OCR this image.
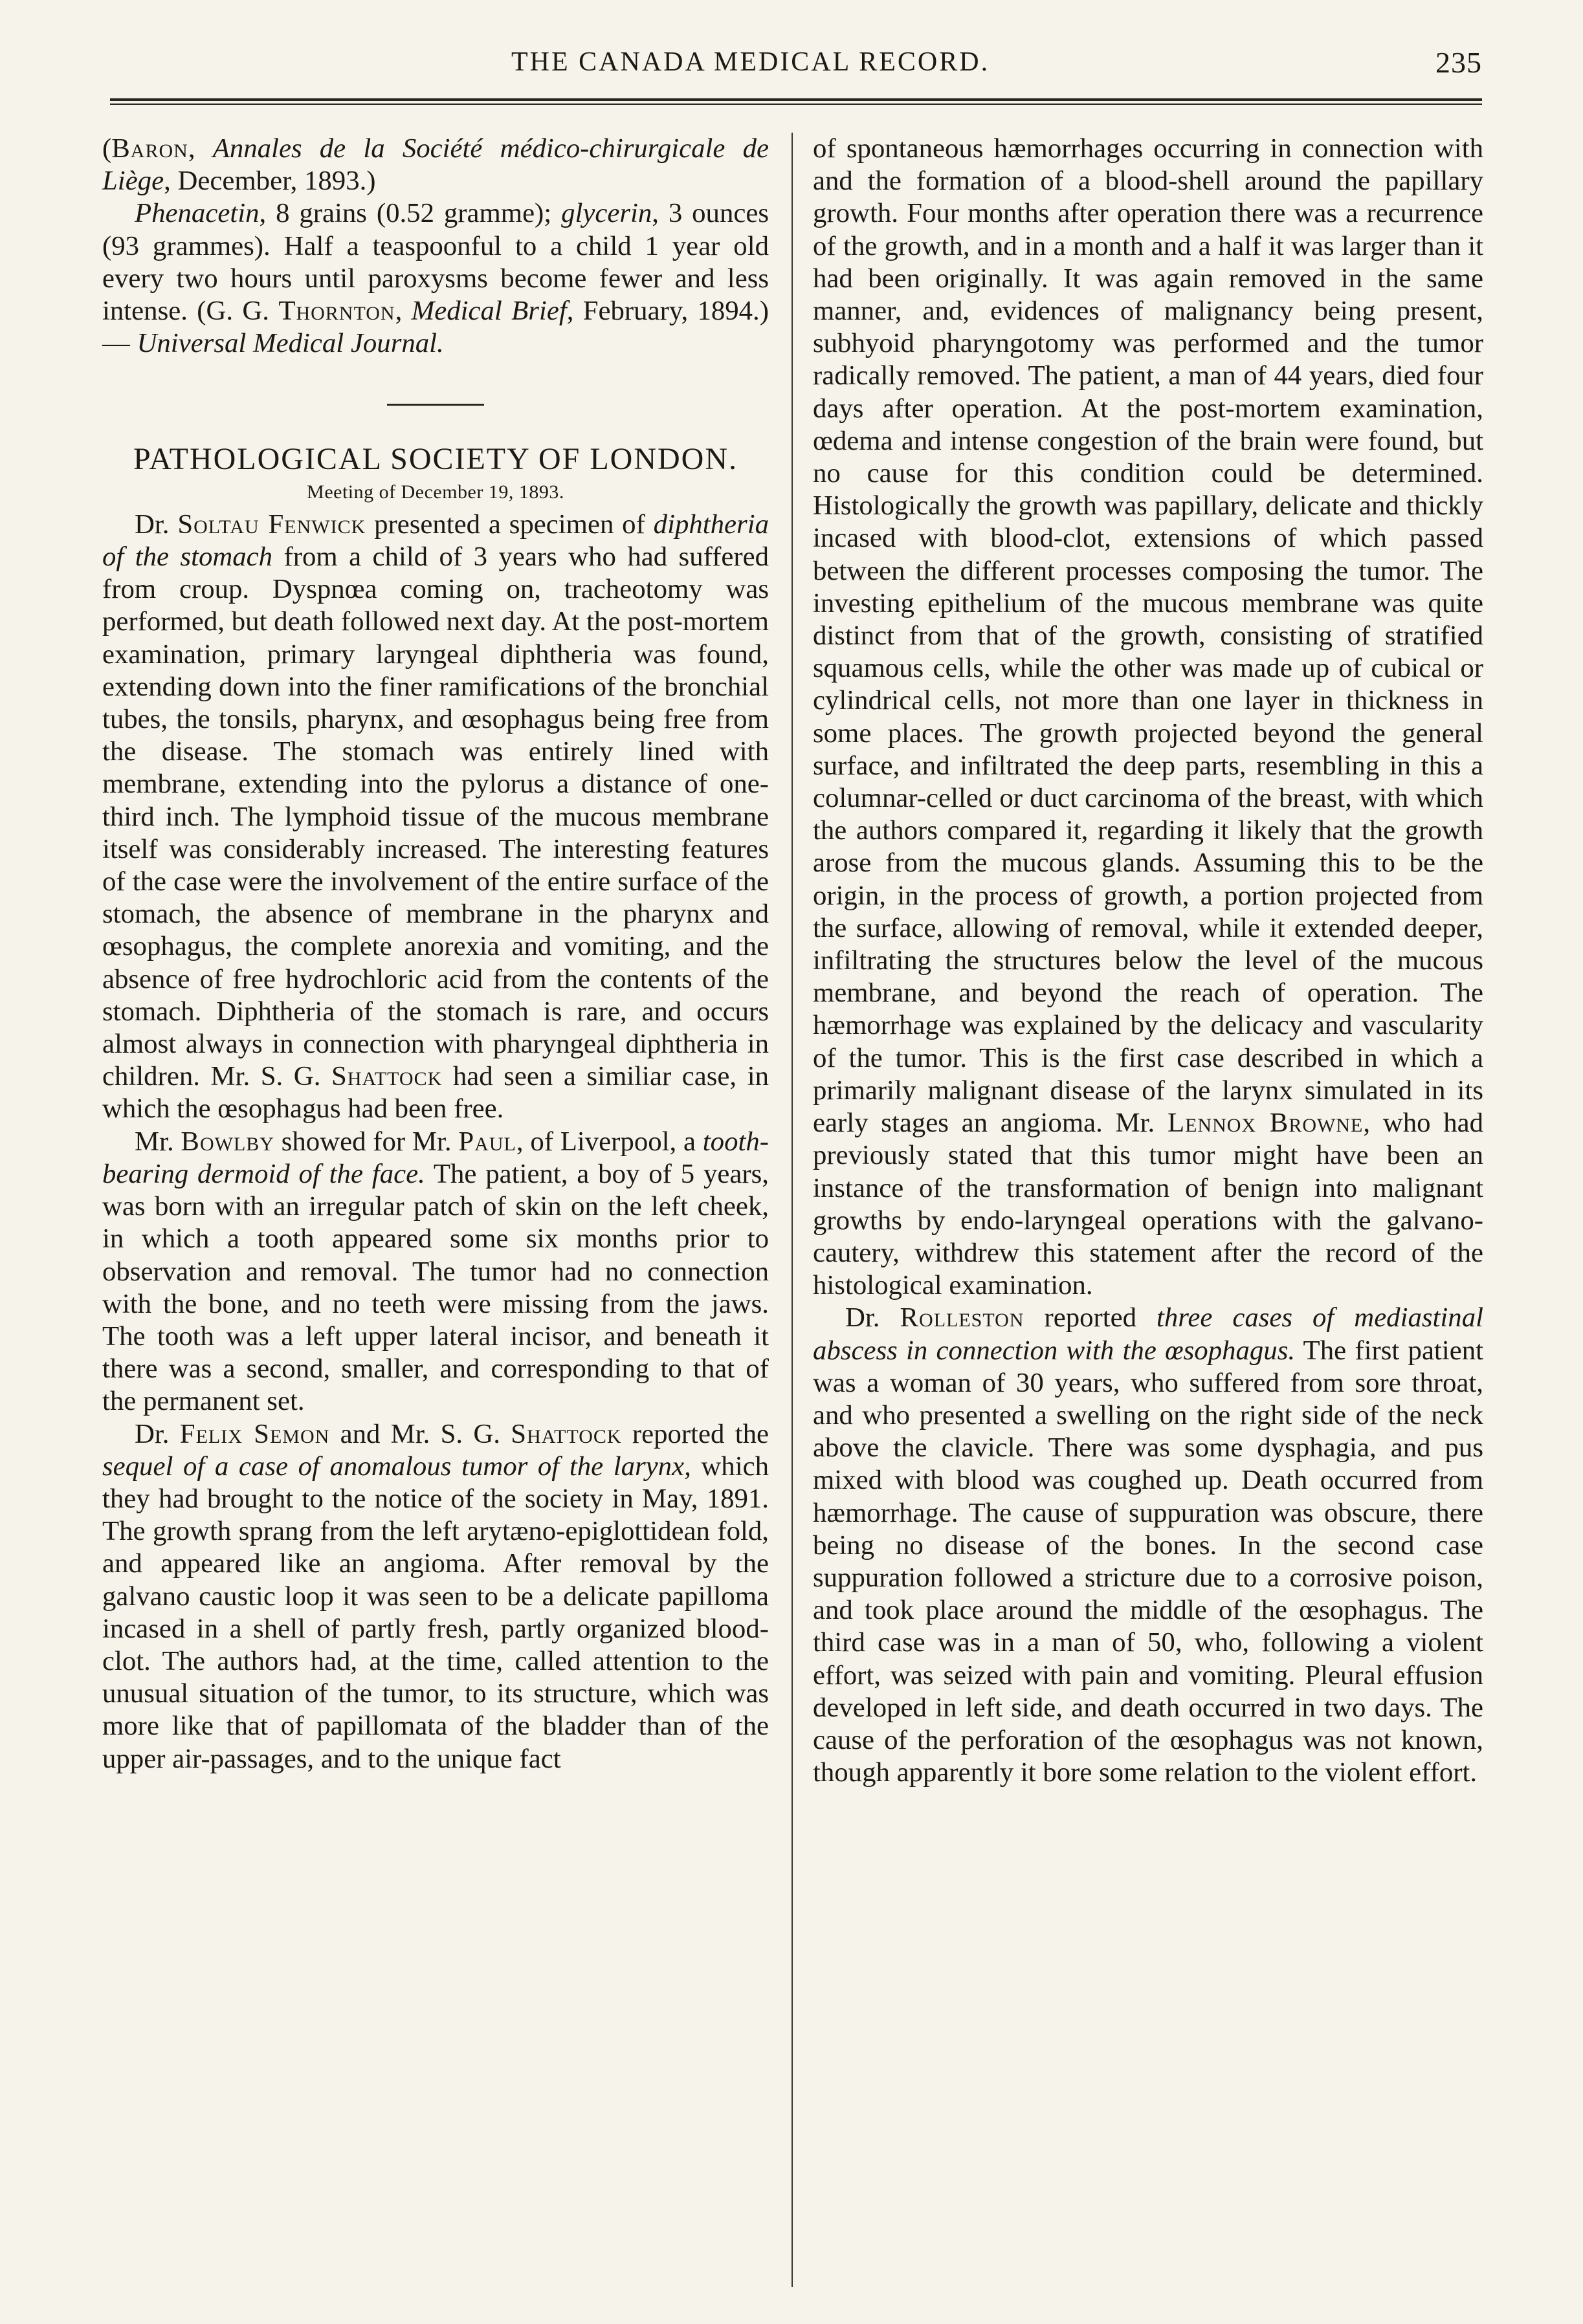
THE CANADA MEDICAL RECORD.	235

(Baron, Annales de la Société médico-chirurgicale de Liège, December, 1893.)

Phenacetin, 8 grains (0.52 gramme); glycerin, 3 ounces (93 grammes). Half a teaspoonful to a child 1 year old every two hours until paroxysms become fewer and less intense. (G. G. Thornton, Medical Brief, February, 1894.)— Universal Medical Journal.

PATHOLOGICAL SOCIETY OF LONDON.

Meeting of December 19, 1893.

Dr. Soltau Fenwick presented a specimen of diphtheria of the stomach from a child of 3 years who had suffered from croup. Dyspnœa coming on, tracheotomy was performed, but death followed next day. At the post-mortem examination, primary laryngeal diphtheria was found, extending down into the finer ramifications of the bronchial tubes, the tonsils, pharynx, and œsophagus being free from the disease. The stomach was entirely lined with membrane, extending into the pylorus a distance of one-third inch. The lymphoid tissue of the mucous membrane itself was considerably increased. The interesting features of the case were the involvement of the entire surface of the stomach, the absence of membrane in the pharynx and œsophagus, the complete anorexia and vomiting, and the absence of free hydrochloric acid from the contents of the stomach. Diphtheria of the stomach is rare, and occurs almost always in connection with pharyngeal diphtheria in children. Mr. S. G. Shattock had seen a similiar case, in which the œsophagus had been free.

Mr. Bowlby showed for Mr. Paul, of Liverpool, a tooth-bearing dermoid of the face. The patient, a boy of 5 years, was born with an irregular patch of skin on the left cheek, in which a tooth appeared some six months prior to observation and removal. The tumor had no connection with the bone, and no teeth were missing from the jaws. The tooth was a left upper lateral incisor, and beneath it there was a second, smaller, and corresponding to that of the permanent set.

Dr. Felix Semon and Mr. S. G. Shattock reported the sequel of a case of anomalous tumor of the larynx, which they had brought to the notice of the society in May, 1891. The growth sprang from the left arytæno-epiglottidean fold, and appeared like an angioma. After removal by the galvano caustic loop it was seen to be a delicate papilloma incased in a shell of partly fresh, partly organized blood-clot. The authors had, at the time, called attention to the unusual situation of the tumor, to its structure, which was more like that of papillomata of the bladder than of the upper air-passages, and to the unique fact

of spontaneous hæmorrhages occurring in connection with and the formation of a blood-shell around the papillary growth. Four months after operation there was a recurrence of the growth, and in a month and a half it was larger than it had been originally. It was again removed in the same manner, and, evidences of malignancy being present, subhyoid pharyngotomy was performed and the tumor radically removed. The patient, a man of 44 years, died four days after operation. At the post-mortem examination, œdema and intense congestion of the brain were found, but no cause for this condition could be determined. Histologically the growth was papillary, delicate and thickly incased with blood-clot, extensions of which passed between the different processes composing the tumor. The investing epithelium of the mucous membrane was quite distinct from that of the growth, consisting of stratified squamous cells, while the other was made up of cubical or cylindrical cells, not more than one layer in thickness in some places. The growth projected beyond the general surface, and infiltrated the deep parts, resembling in this a columnar-celled or duct carcinoma of the breast, with which the authors compared it, regarding it likely that the growth arose from the mucous glands. Assuming this to be the origin, in the process of growth, a portion projected from the surface, allowing of removal, while it extended deeper, infiltrating the structures below the level of the mucous membrane, and beyond the reach of operation. The hæmorrhage was explained by the delicacy and vascularity of the tumor. This is the first case described in which a primarily malignant disease of the larynx simulated in its early stages an angioma. Mr. Lennox Browne, who had previously stated that this tumor might have been an instance of the transformation of benign into malignant growths by endo-laryngeal operations with the galvano-cautery, withdrew this statement after the record of the histological examination.

Dr. Rolleston reported three cases of mediastinal abscess in connection with the œsophagus. The first patient was a woman of 30 years, who suffered from sore throat, and who presented a swelling on the right side of the neck above the clavicle. There was some dysphagia, and pus mixed with blood was coughed up. Death occurred from hæmorrhage. The cause of suppuration was obscure, there being no disease of the bones. In the second case suppuration followed a stricture due to a corrosive poison, and took place around the middle of the œsophagus. The third case was in a man of 50, who, following a violent effort, was seized with pain and vomiting. Pleural effusion developed in left side, and death occurred in two days. The cause of the perforation of the œsophagus was not known, though apparently it bore some relation to the violent effort.
